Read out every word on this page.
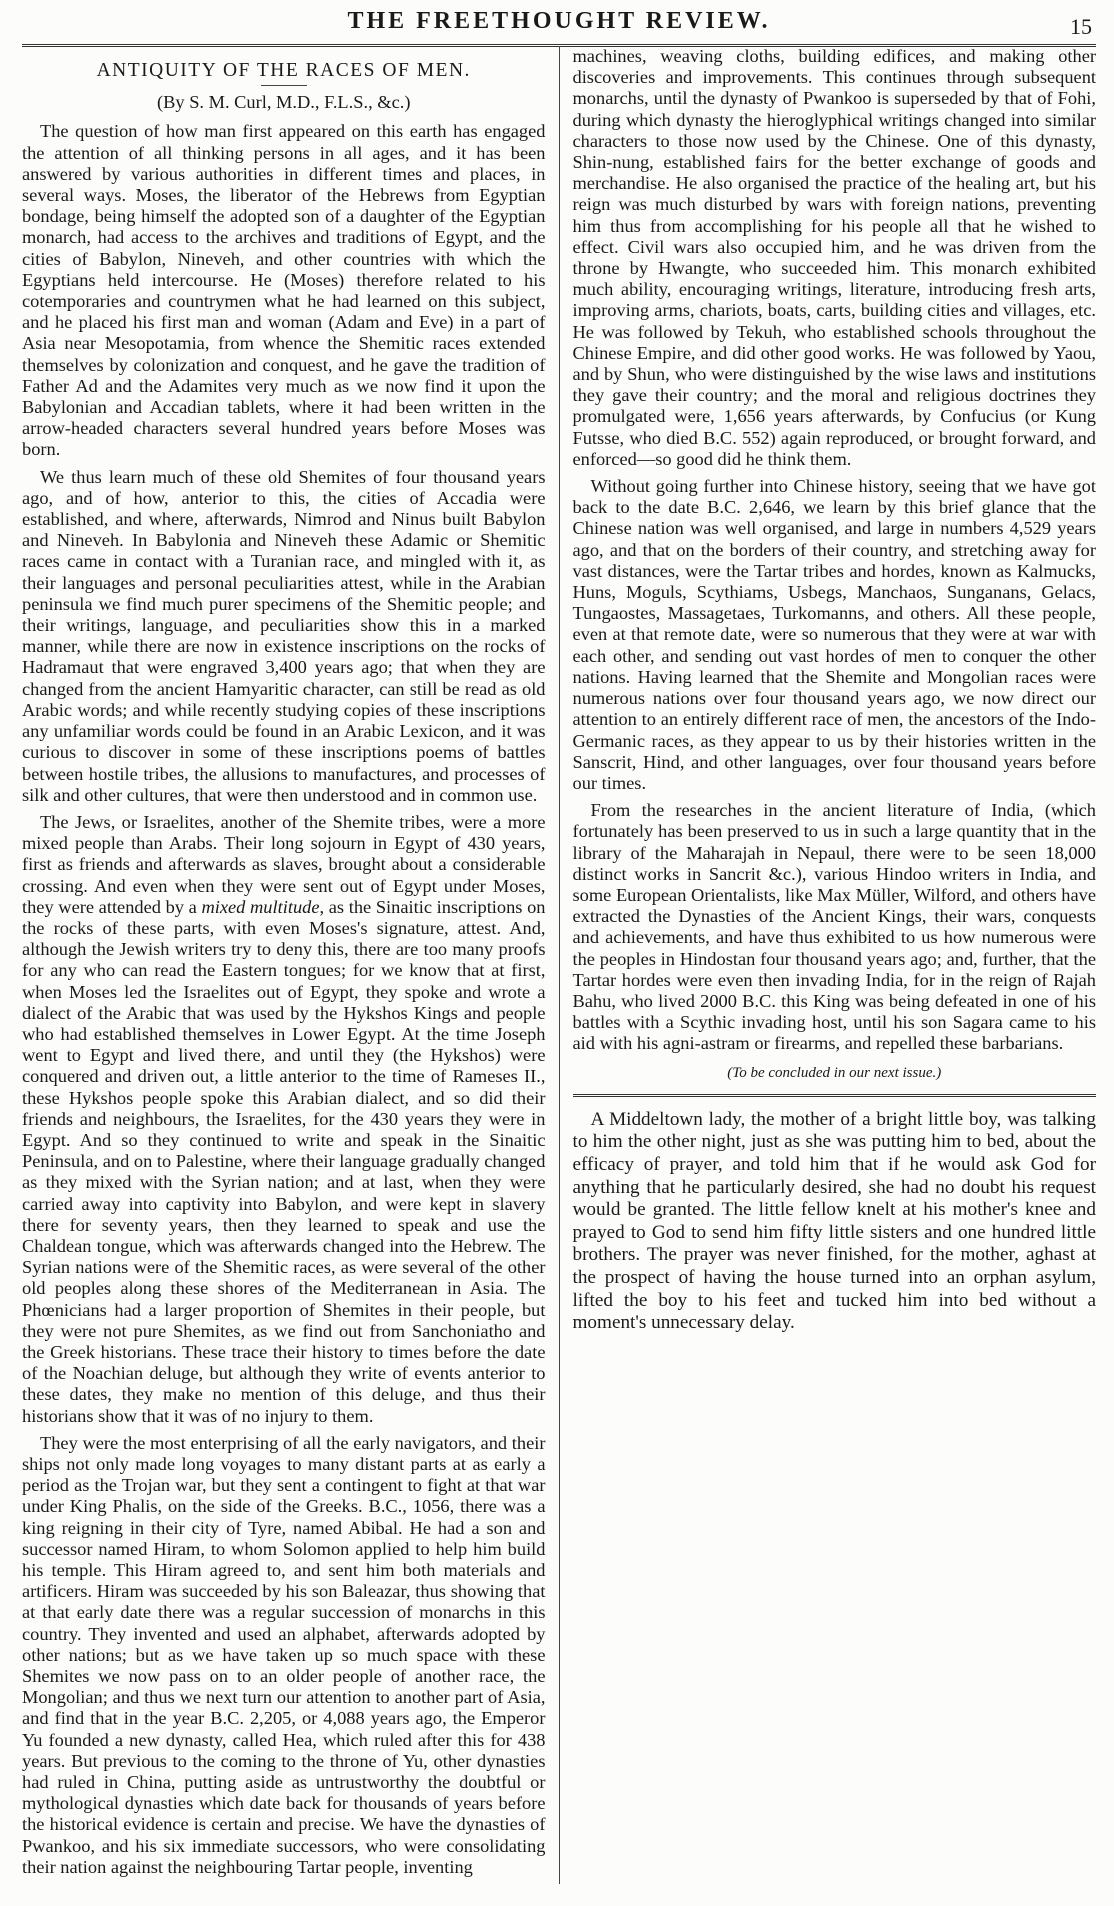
THE FREETHOUGHT REVIEW.	15
ANTIQUITY OF THE RACES OF MEN.
(By S. M. Curl, M.D., F.L.S., &c.)

The question of how man first appeared on this earth has engaged the attention of all thinking persons in all ages, and it has been answered by various authorities in different times and places, in several ways. Moses, the liberator of the Hebrews from Egyptian bondage, being himself the adopted son of a daughter of the Egyptian monarch, had access to the archives and traditions of Egypt, and the cities of Babylon, Nineveh, and other countries with which the Egyptians held intercourse. He (Moses) therefore related to his cotemporaries and countrymen what he had learned on this subject, and he placed his first man and woman (Adam and Eve) in a part of Asia near Mesopotamia, from whence the Shemitic races extended themselves by colonization and conquest, and he gave the tradition of Father Ad and the Adamites very much as we now find it upon the Babylonian and Accadian tablets, where it had been written in the arrow-headed characters several hundred years before Moses was born.

We thus learn much of these old Shemites of four thousand years ago, and of how, anterior to this, the cities of Accadia were established, and where, afterwards, Nimrod and Ninus built Babylon and Nineveh. In Babylonia and Nineveh these Adamic or Shemitic races came in contact with a Turanian race, and mingled with it, as their languages and personal peculiarities attest, while in the Arabian peninsula we find much purer specimens of the Shemitic people; and their writings, language, and peculiarities show this in a marked manner, while there are now in existence inscriptions on the rocks of Hadramaut that were engraved 3,400 years ago; that when they are changed from the ancient Hamyaritic character, can still be read as old Arabic words; and while recently studying copies of these inscriptions any unfamiliar words could be found in an Arabic Lexicon, and it was curious to discover in some of these inscriptions poems of battles between hostile tribes, the allusions to manufactures, and processes of silk and other cultures, that were then understood and in common use.

The Jews, or Israelites, another of the Shemite tribes, were a more mixed people than Arabs. Their long sojourn in Egypt of 430 years, first as friends and afterwards as slaves, brought about a considerable crossing. And even when they were sent out of Egypt under Moses, they were attended by a mixed multitude, as the Sinaitic inscriptions on the rocks of these parts, with even Moses's signature, attest. And, although the Jewish writers try to deny this, there are too many proofs for any who can read the Eastern tongues; for we know that at first, when Moses led the Israelites out of Egypt, they spoke and wrote a dialect of the Arabic that was used by the Hykshos Kings and people who had established themselves in Lower Egypt. At the time Joseph went to Egypt and lived there, and until they (the Hykshos) were conquered and driven out, a little anterior to the time of Rameses II., these Hykshos people spoke this Arabian dialect, and so did their friends and neighbours, the Israelites, for the 430 years they were in Egypt. And so they continued to write and speak in the Sinaitic Peninsula, and on to Palestine, where their language gradually changed as they mixed with the Syrian nation; and at last, when they were carried away into captivity into Babylon, and were kept in slavery there for seventy years, then they learned to speak and use the Chaldean tongue, which was afterwards changed into the Hebrew. The Syrian nations were of the Shemitic races, as were several of the other old peoples along these shores of the Mediterranean in Asia. The Phœnicians had a larger proportion of Shemites in their people, but they were not pure Shemites, as we find out from Sanchoniatho and the Greek historians. These trace their history to times before the date of the Noachian deluge, but although they write of events anterior to these dates, they make no mention of this deluge, and thus their historians show that it was of no injury to them.

They were the most enterprising of all the early navigators, and their ships not only made long voyages to many distant parts at as early a period as the Trojan war, but they sent a contingent to fight at that war under King Phalis, on the side of the Greeks. B.C., 1056, there was a king reigning in their city of Tyre, named Abibal. He had a son and successor named Hiram, to whom Solomon applied to help him build his temple. This Hiram agreed to, and sent him both materials and artificers. Hiram was succeeded by his son Baleazar, thus showing that at that early date there was a regular succession of monarchs in this country. They invented and used an alphabet, afterwards adopted by other nations; but as we have taken up so much space with these Shemites we now pass on to an older people of another race, the Mongolian; and thus we next turn our attention to another part of Asia, and find that in the year B.C. 2,205, or 4,088 years ago, the Emperor Yu founded a new dynasty, called Hea, which ruled after this for 438 years. But previous to the coming to the throne of Yu, other dynasties had ruled in China, putting aside as untrustworthy the doubtful or mythological dynasties which date back for thousands of years before the historical evidence is certain and precise. We have the dynasties of Pwankoo, and his six immediate successors, who were consolidating their nation against the neighbouring Tartar people, inventing

machines, weaving cloths, building edifices, and making other discoveries and improvements. This continues through subsequent monarchs, until the dynasty of Pwankoo is superseded by that of Fohi, during which dynasty the hieroglyphical writings changed into similar characters to those now used by the Chinese. One of this dynasty, Shin-nung, established fairs for the better exchange of goods and merchandise. He also organised the practice of the healing art, but his reign was much disturbed by wars with foreign nations, preventing him thus from accomplishing for his people all that he wished to effect. Civil wars also occupied him, and he was driven from the throne by Hwangte, who succeeded him. This monarch exhibited much ability, encouraging writings, literature, introducing fresh arts, improving arms, chariots, boats, carts, building cities and villages, etc. He was followed by Tekuh, who established schools throughout the Chinese Empire, and did other good works. He was followed by Yaou, and by Shun, who were distinguished by the wise laws and institutions they gave their country; and the moral and religious doctrines they promulgated were, 1,656 years afterwards, by Confucius (or Kung Futsse, who died B.C. 552) again reproduced, or brought forward, and enforced—so good did he think them.

Without going further into Chinese history, seeing that we have got back to the date B.C. 2,646, we learn by this brief glance that the Chinese nation was well organised, and large in numbers 4,529 years ago, and that on the borders of their country, and stretching away for vast distances, were the Tartar tribes and hordes, known as Kalmucks, Huns, Moguls, Scythiams, Usbegs, Manchaos, Sunganans, Gelacs, Tungaostes, Massagetaes, Turkomanns, and others. All these people, even at that remote date, were so numerous that they were at war with each other, and sending out vast hordes of men to conquer the other nations. Having learned that the Shemite and Mongolian races were numerous nations over four thousand years ago, we now direct our attention to an entirely different race of men, the ancestors of the Indo-Germanic races, as they appear to us by their histories written in the Sanscrit, Hind, and other languages, over four thousand years before our times.

From the researches in the ancient literature of India, (which fortunately has been preserved to us in such a large quantity that in the library of the Maharajah in Nepaul, there were to be seen 18,000 distinct works in Sancrit &c.), various Hindoo writers in India, and some European Orientalists, like Max Müller, Wilford, and others have extracted the Dynasties of the Ancient Kings, their wars, conquests and achievements, and have thus exhibited to us how numerous were the peoples in Hindostan four thousand years ago; and, further, that the Tartar hordes were even then invading India, for in the reign of Rajah Bahu, who lived 2000 B.C. this King was being defeated in one of his battles with a Scythic invading host, until his son Sagara came to his aid with his agni-astram or firearms, and repelled these barbarians.

(To be concluded in our next issue.)

A Middeltown lady, the mother of a bright little boy, was talking to him the other night, just as she was putting him to bed, about the efficacy of prayer, and told him that if he would ask God for anything that he particularly desired, she had no doubt his request would be granted. The little fellow knelt at his mother's knee and prayed to God to send him fifty little sisters and one hundred little brothers. The prayer was never finished, for the mother, aghast at the prospect of having the house turned into an orphan asylum, lifted the boy to his feet and tucked him into bed without a moment's unnecessary delay.
